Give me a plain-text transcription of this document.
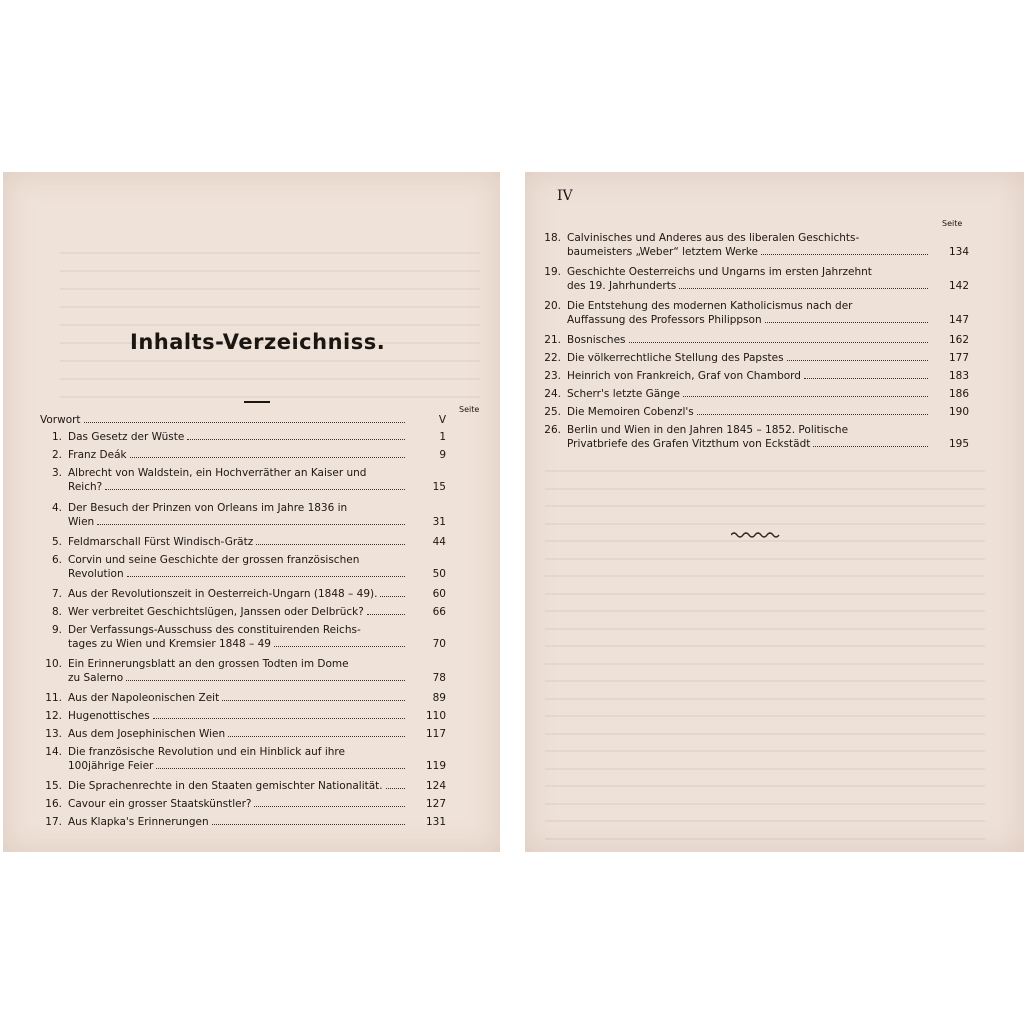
Inhalts-Verzeichniss.
Seite
IV
Seite
Vorwort	V
1. Das Gesetz der Wüste	1
2. Franz Deák	9
3. Albrecht von Waldstein, ein Hochverräther an Kaiser und
Reich?	15
4. Der Besuch der Prinzen von Orleans im Jahre 1836 in
Wien	31
5. Feldmarschall Fürst Windisch-Grätz	44
6. Corvin und seine Geschichte der grossen französischen
Revolution	50
7. Aus der Revolutionszeit in Oesterreich-Ungarn (1848 – 49).	60
8. Wer verbreitet Geschichtslügen, Janssen oder Delbrück?	66
9. Der Verfassungs-Ausschuss des constituirenden Reichs-
tages zu Wien und Kremsier 1848 – 49	70
10. Ein Erinnerungsblatt an den grossen Todten im Dome
zu Salerno	78
11. Aus der Napoleonischen Zeit	89
12. Hugenottisches	110
13. Aus dem Josephinischen Wien	117
14. Die französische Revolution und ein Hinblick auf ihre
100jährige Feier	119
15. Die Sprachenrechte in den Staaten gemischter Nationalität.	124
16. Cavour ein grosser Staatskünstler?	127
17. Aus Klapka's Erinnerungen	131
18. Calvinisches und Anderes aus des liberalen Geschichts-
baumeisters „Weber“ letztem Werke	134
19. Geschichte Oesterreichs und Ungarns im ersten Jahrzehnt
des 19. Jahrhunderts	142
20. Die Entstehung des modernen Katholicismus nach der
Auffassung des Professors Philippson	147
21. Bosnisches	162
22. Die völkerrechtliche Stellung des Papstes	177
23. Heinrich von Frankreich, Graf von Chambord	183
24. Scherr's letzte Gänge	186
25. Die Memoiren Cobenzl's	190
26. Berlin und Wien in den Jahren 1845 – 1852. Politische
Privatbriefe des Grafen Vitzthum von Eckstädt	195
